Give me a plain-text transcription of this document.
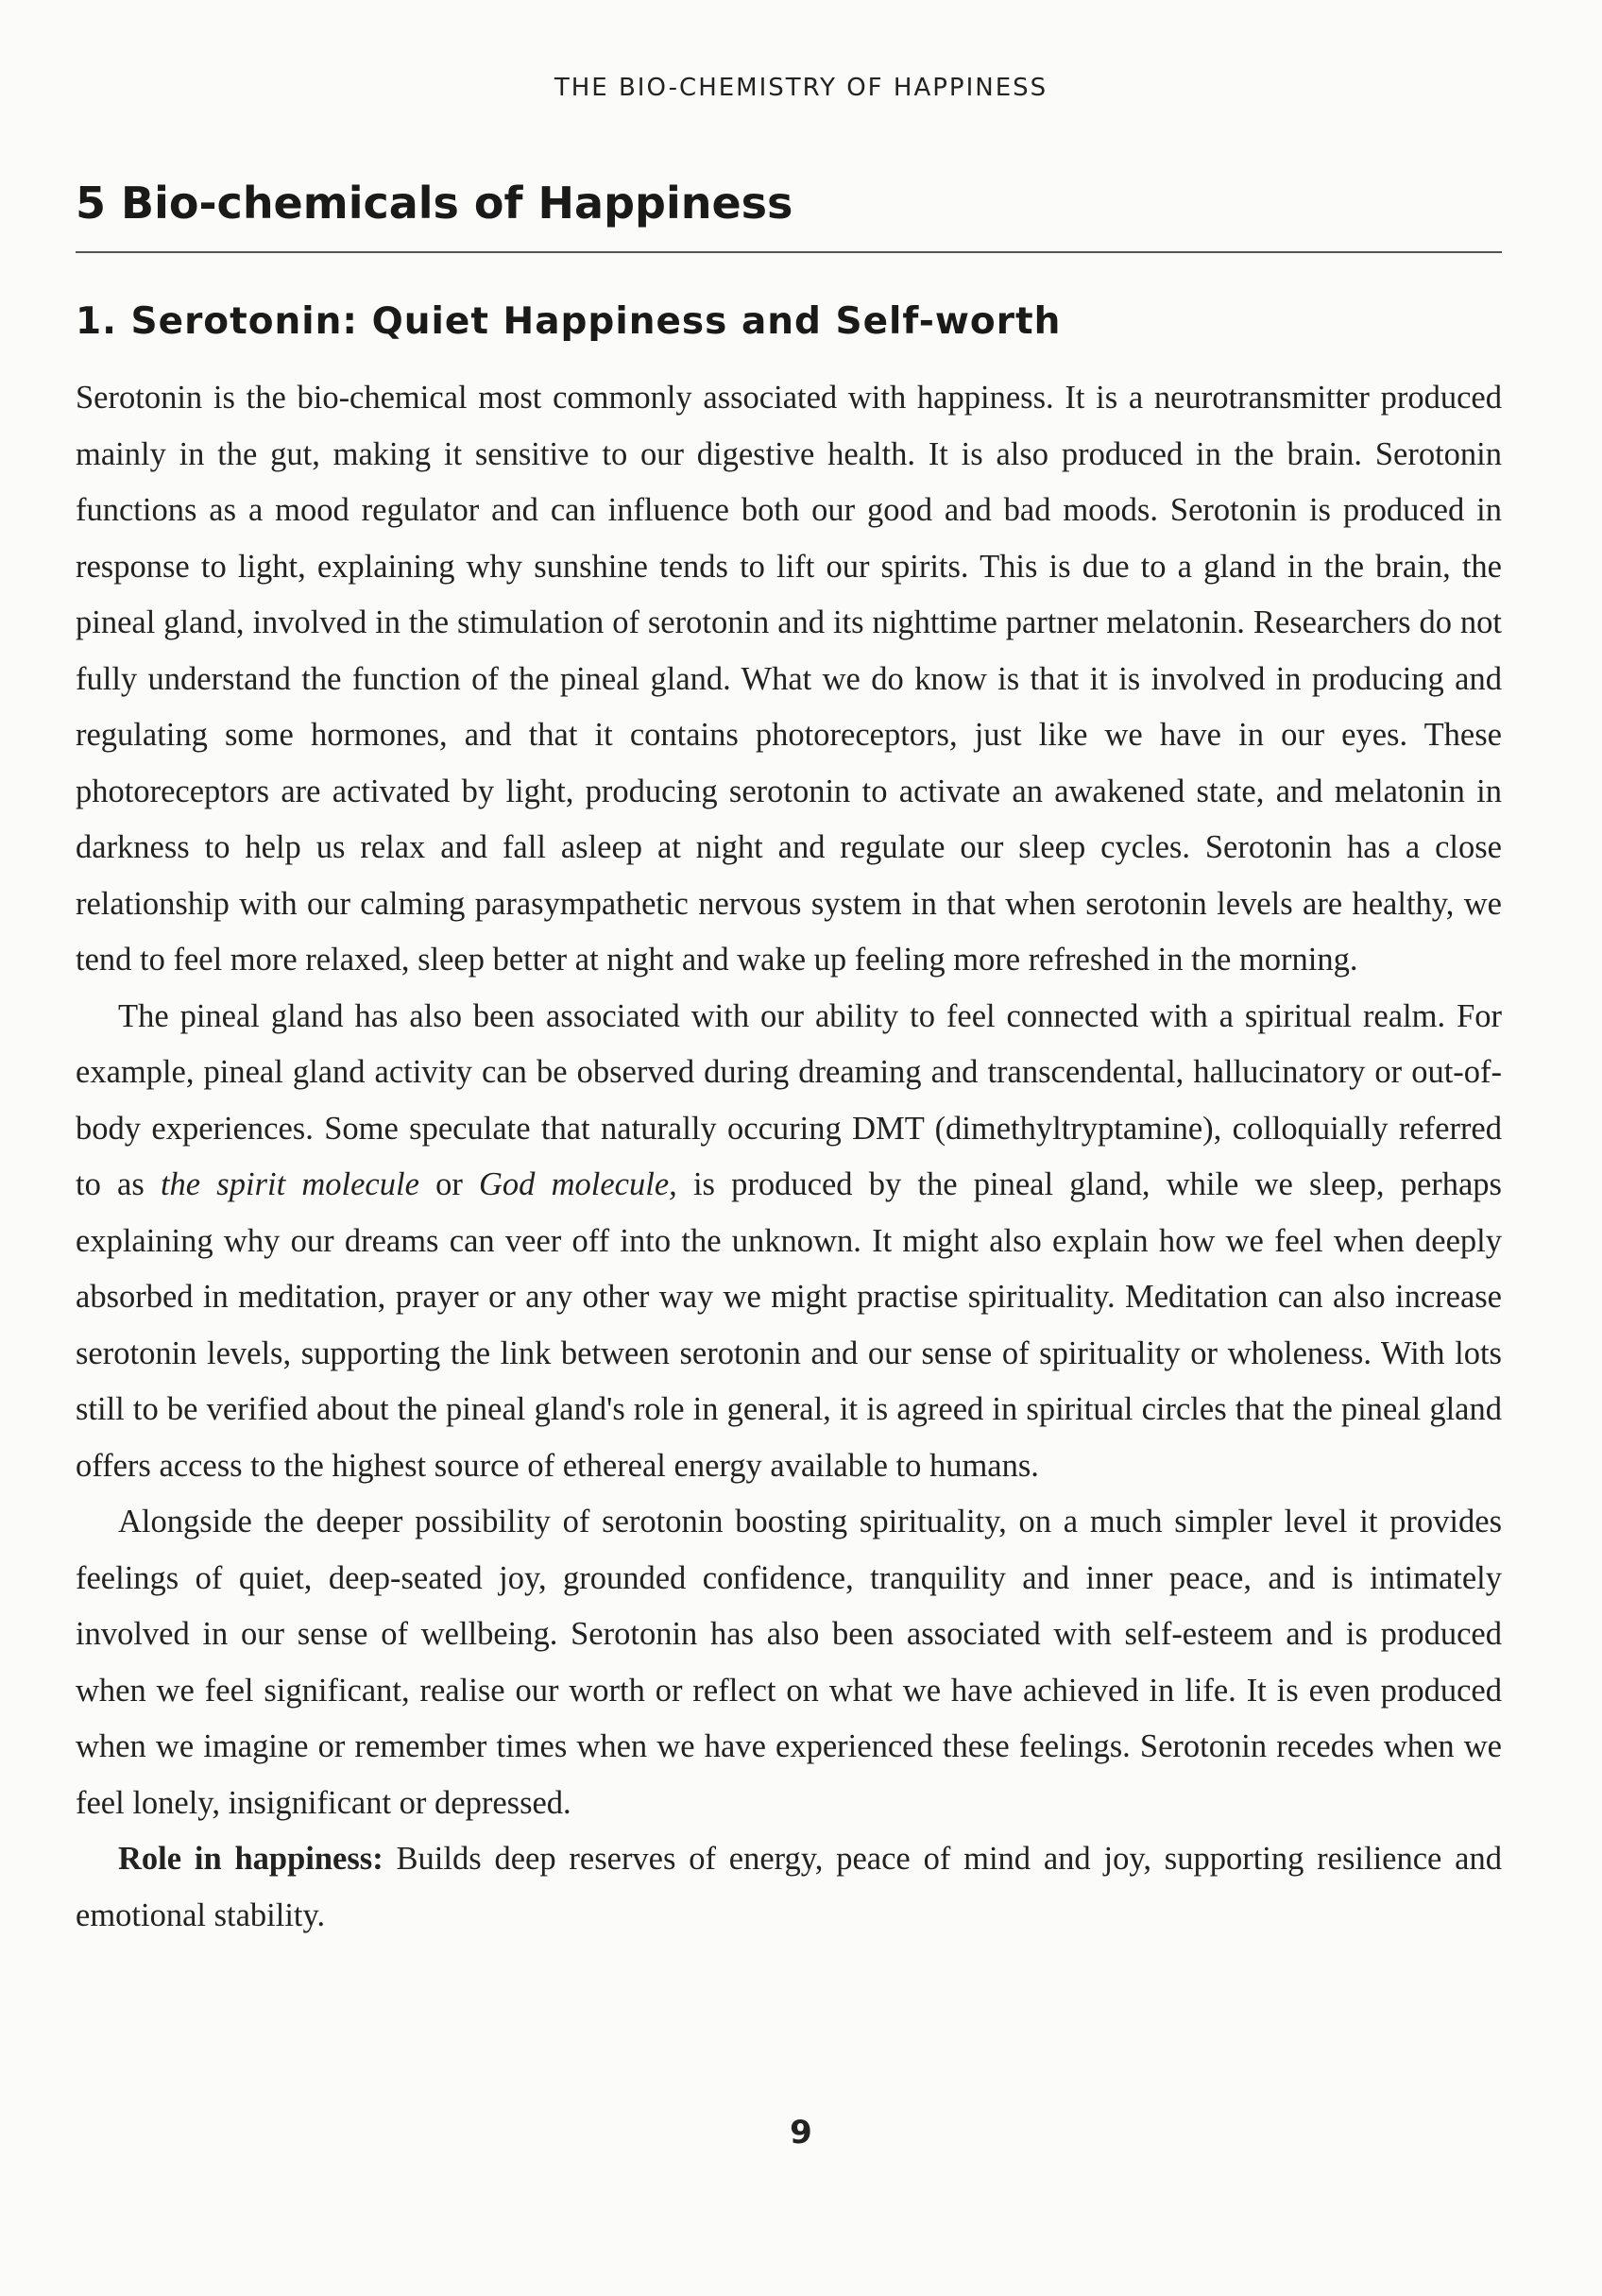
THE BIO-CHEMISTRY OF HAPPINESS
5 Bio-chemicals of Happiness
1. Serotonin: Quiet Happiness and Self-worth

Serotonin is the bio-chemical most commonly associated with happiness. It is a neurotransmitter produced mainly in the gut, making it sensitive to our digestive health. It is also produced in the brain. Serotonin functions as a mood regulator and can influence both our good and bad moods. Serotonin is produced in response to light, explaining why sunshine tends to lift our spirits. This is due to a gland in the brain, the pineal gland, involved in the stimulation of serotonin and its nighttime partner melatonin. Researchers do not fully understand the function of the pineal gland. What we do know is that it is involved in producing and regulating some hormones, and that it contains photoreceptors, just like we have in our eyes. These photoreceptors are activated by light, producing serotonin to activate an awakened state, and melatonin in darkness to help us relax and fall asleep at night and regulate our sleep cycles. Serotonin has a close relationship with our calming parasympathetic nervous system in that when serotonin levels are healthy, we tend to feel more relaxed, sleep better at night and wake up feeling more refreshed in the morning.

The pineal gland has also been associated with our ability to feel connected with a spiritual realm. For example, pineal gland activity can be observed during dreaming and transcendental, hallucinatory or out-of-body experiences. Some speculate that naturally occuring DMT (dimethyltryptamine), colloquially referred to as the spirit molecule or God molecule, is produced by the pineal gland, while we sleep, perhaps explaining why our dreams can veer off into the unknown. It might also explain how we feel when deeply absorbed in meditation, prayer or any other way we might practise spirituality. Meditation can also increase serotonin levels, supporting the link between serotonin and our sense of spirituality or wholeness. With lots still to be verified about the pineal gland's role in general, it is agreed in spiritual circles that the pineal gland offers access to the highest source of ethereal energy available to humans.

Alongside the deeper possibility of serotonin boosting spirituality, on a much simpler level it provides feelings of quiet, deep-seated joy, grounded confidence, tranquility and inner peace, and is intimately involved in our sense of wellbeing. Serotonin has also been associated with self-esteem and is produced when we feel significant, realise our worth or reflect on what we have achieved in life. It is even produced when we imagine or remember times when we have experienced these feelings. Serotonin recedes when we feel lonely, insignificant or depressed.

Role in happiness: Builds deep reserves of energy, peace of mind and joy, supporting resilience and emotional stability.

9
